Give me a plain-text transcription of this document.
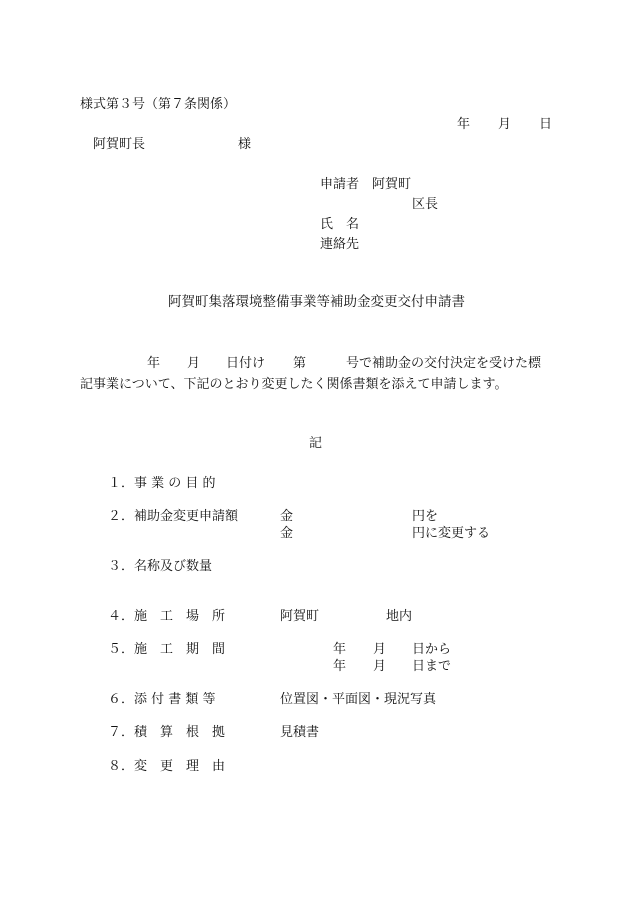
様式第３号（第７条関係）
年 月 日
阿賀町長	様
申請者 阿賀町
区長
氏　名
連絡先
阿賀町集落環境整備事業等補助金変更交付申請書
年 月 日付け 第	号で補助金の交付決定を受けた標
記事業について、下記のとおり変更したく関係書類を添えて申請します。
記
１．事 業 の 目 的
２．補助金変更申請額	金	円を
金	円に変更する
３．名称及び数量
４．施　工　場　所	阿賀町	地内
５．施　工　期　間	年 月 日から
年 月 日まで
６．添 付 書 類 等	位置図・平面図・現況写真
７．積　算　根　拠	見積書
８．変　更　理　由
